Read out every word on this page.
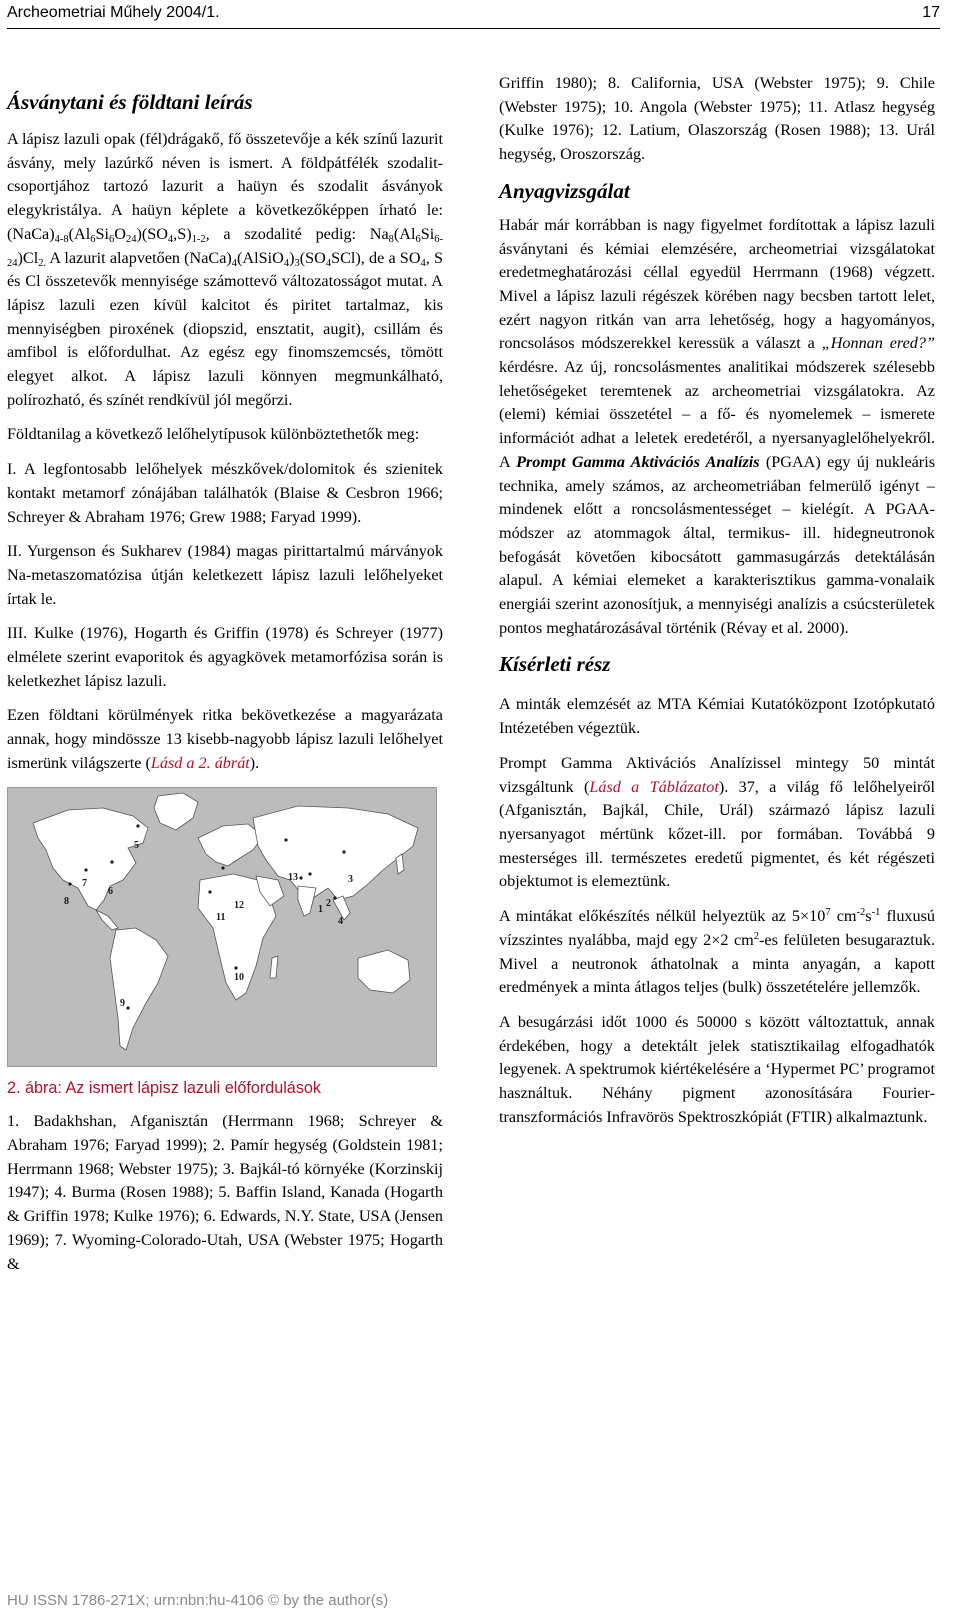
Archeometriai Műhely 2004/1.	17
Ásványtani és földtani leírás

A lápisz lazuli opak (fél)drágakő, fő összetevője a kék színű lazurit ásvány, mely lazúrkő néven is ismert. A földpátfélék szodalit-csoportjához tartozó lazurit a haüyn és szodalit ásványok elegykristálya. A haüyn képlete a következőképpen írható le: $(NaCa)_{4-8}(Al_6Si_6O_{24})(SO_4,S)_{1-2}$, a szodalité pedig: $Na_8(Al_6Si_{6-24})Cl_{2.}$ A lazurit alapvetően $(NaCa)_4(AlSiO_4)_3(SO_4SCl)$, de a $SO_4$, S és Cl összetevők mennyisége számottevő változatosságot mutat. A lápisz lazuli ezen kívül kalcitot és piritet tartalmaz, kis mennyiségben piroxének (diopszid, ensztatit, augit), csillám és amfibol is előfordulhat. Az egész egy finomszemcsés, tömött elegyet alkot. A lápisz lazuli könnyen megmunkálható, polírozható, és színét rendkívül jól megőrzi.

Földtanilag a következő lelőhelytípusok különböztethetők meg:

I. A legfontosabb lelőhelyek mészkővek/dolomitok és szienitek kontakt metamorf zónájában találhatók (Blaise & Cesbron 1966; Schreyer & Abraham 1976; Grew 1988; Faryad 1999).

II. Yurgenson és Sukharev (1984) magas pirittartalmú márványok Na-metaszomatózisa útján keletkezett lápisz lazuli lelőhelyeket írtak le.

III. Kulke (1976), Hogarth és Griffin (1978) és Schreyer (1977) elmélete szerint evaporitok és agyagkövek metamorfózisa során is keletkezhet lápisz lazuli.

Ezen földtani körülmények ritka bekövetkezése a magyarázata annak, hogy mindössze 13 kisebb-nagyobb lápisz lazuli lelőhelyet ismerünk világszerte (Lásd a 2. ábrát).

1
2
3
4
5
6
7
8
9
10
11
12
13

2. ábra: Az ismert lápisz lazuli előfordulások

1. Badakhshan, Afganisztán (Herrmann 1968; Schreyer & Abraham 1976; Faryad 1999); 2. Pamír hegység (Goldstein 1981; Herrmann 1968; Webster 1975); 3. Bajkál-tó környéke (Korzinskij 1947); 4. Burma (Rosen 1988); 5. Baffin Island, Kanada (Hogarth & Griffin 1978; Kulke 1976); 6. Edwards, N.Y. State, USA (Jensen 1969); 7. Wyoming-Colorado-Utah, USA (Webster 1975; Hogarth &

Griffin 1980); 8. California, USA (Webster 1975); 9. Chile (Webster 1975); 10. Angola (Webster 1975); 11. Atlasz hegység (Kulke 1976); 12. Latium, Olaszország (Rosen 1988); 13. Urál hegység, Oroszország.

Anyagvizsgálat

Habár már korrábban is nagy figyelmet fordítottak a lápisz lazuli ásványtani és kémiai elemzésére, archeometriai vizsgálatokat eredetmeghatározási céllal egyedül Herrmann (1968) végzett. Mivel a lápisz lazuli régészek körében nagy becsben tartott lelet, ezért nagyon ritkán van arra lehetőség, hogy a hagyományos, roncsolásos módszerekkel keressük a választ a „Honnan ered?” kérdésre. Az új, roncsolásmentes analitikai módszerek szélesebb lehetőségeket teremtenek az archeometriai vizsgálatokra. Az (elemi) kémiai összetétel – a fő- és nyomelemek – ismerete információt adhat a leletek eredetéről, a nyersanyaglelőhelyekről. A Prompt Gamma Aktivációs Analízis (PGAA) egy új nukleáris technika, amely számos, az archeometriában felmerülő igényt – mindenek előtt a roncsolásmentességet – kielégít. A PGAA-módszer az atommagok által, termikus- ill. hidegneutronok befogását követően kibocsátott gammasugárzás detektálásán alapul. A kémiai elemeket a karakterisztikus gamma-vonalaik energiái szerint azonosítjuk, a mennyiségi analízis a csúcsterületek pontos meghatározásával történik (Révay et al. 2000).

Kísérleti rész

A minták elemzését az MTA Kémiai Kutatóközpont Izotópkutató Intézetében végeztük.

Prompt Gamma Aktivációs Analízissel mintegy 50 mintát vizsgáltunk (Lásd a Táblázatot). 37, a világ fő lelőhelyeiről (Afganisztán, Bajkál, Chile, Urál) származó lápisz lazuli nyersanyagot mértünk kőzet-ill. por formában. Továbbá 9 mesterséges ill. természetes eredetű pigmentet, és két régészeti objektumot is elemeztünk.

A mintákat előkészítés nélkül helyeztük az $5\times 10^7$ $cm^{-2}s^{-1}$ fluxusú vízszintes nyalábba, majd egy 2×2 $cm^2-es$ felületen besugaraztuk. Mivel a neutronok áthatolnak a minta anyagán, a kapott eredmények a minta átlagos teljes (bulk) összetételére jellemzők.

A besugárzási időt 1000 és 50000 s között változtattuk, annak érdekében, hogy a detektált jelek statisztikailag elfogadhatók legyenek. A spektrumok kiértékelésére a ‘Hypermet PC’ programot használtuk. Néhány pigment azonosítására Fourier-transzformációs Infravörös Spektroszkópiát (FTIR) alkalmaztunk.

HU ISSN 1786-271X; urn:nbn:hu-4106 © by the author(s)
